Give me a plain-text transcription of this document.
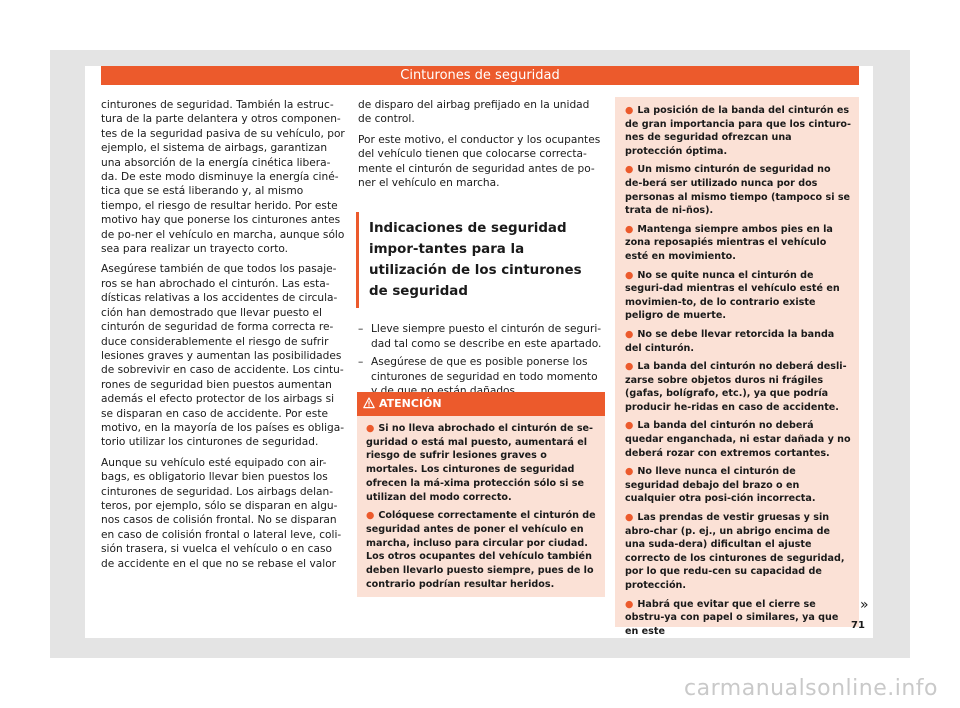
Cinturones de seguridad

cinturones de seguridad. También la estruc-tura de la parte delantera y otros componen-tes de la seguridad pasiva de su vehículo, por ejemplo, el sistema de airbags, garantizan una absorción de la energía cinética libera-da. De este modo disminuye la energía ciné-tica que se está liberando y, al mismo tiempo, el riesgo de resultar herido. Por este motivo hay que ponerse los cinturones antes de po-ner el vehículo en marcha, aunque sólo sea para realizar un trayecto corto.

Asegúrese también de que todos los pasaje-ros se han abrochado el cinturón. Las esta-dísticas relativas a los accidentes de circula-ción han demostrado que llevar puesto el cinturón de seguridad de forma correcta re-duce considerablemente el riesgo de sufrir lesiones graves y aumentan las posibilidades de sobrevivir en caso de accidente. Los cintu-rones de seguridad bien puestos aumentan además el efecto protector de los airbags si se disparan en caso de accidente. Por este motivo, en la mayoría de los países es obliga-torio utilizar los cinturones de seguridad.

Aunque su vehículo esté equipado con air-bags, es obligatorio llevar bien puestos los cinturones de seguridad. Los airbags delan-teros, por ejemplo, sólo se disparan en algu-nos casos de colisión frontal. No se disparan en caso de colisión frontal o lateral leve, coli-sión trasera, si vuelca el vehículo o en caso de accidente en el que no se rebase el valor

de disparo del airbag prefijado en la unidad de control.

Por este motivo, el conductor y los ocupantes del vehículo tienen que colocarse correcta-mente el cinturón de seguridad antes de po-ner el vehículo en marcha.

Indicaciones de seguridad impor-tantes para la utilización de los cinturones de seguridad
– Lleve siempre puesto el cinturón de seguri-dad tal como se describe en este apartado.
– Asegúrese de que es posible ponerse los cinturones de seguridad en todo momento
ATENCIÓN

● Si no lleva abrochado el cinturón de se-guridad o está mal puesto, aumentará el riesgo de sufrir lesiones graves o mortales. Los cinturones de seguridad ofrecen la má-xima protección sólo si se utilizan del modo correcto.

● Colóquese correctamente el cinturón de seguridad antes de poner el vehículo en marcha, incluso para circular por ciudad. Los otros ocupantes del vehículo también deben llevarlo puesto siempre, pues de lo contrario podrían resultar heridos.

● La posición de la banda del cinturón es de gran importancia para que los cinturo-nes de seguridad ofrezcan una protección óptima.

● Un mismo cinturón de seguridad no de-berá ser utilizado nunca por dos personas al mismo tiempo (tampoco si se trata de ni-ños).

● Mantenga siempre ambos pies en la zona reposapiés mientras el vehículo esté en movimiento.

● No se quite nunca el cinturón de seguri-dad mientras el vehículo esté en movimien-to, de lo contrario existe peligro de muerte.

● No se debe llevar retorcida la banda del cinturón.

● La banda del cinturón no deberá desli-zarse sobre objetos duros ni frágiles (gafas, bolígrafo, etc.), ya que podría producir he-ridas en caso de accidente.

● La banda del cinturón no deberá quedar enganchada, ni estar dañada y no deberá rozar con extremos cortantes.

● No lleve nunca el cinturón de seguridad debajo del brazo o en cualquier otra posi-ción incorrecta.

● Las prendas de vestir gruesas y sin abro-char (p. ej., un abrigo encima de una suda-dera) dificultan el ajuste correcto de los cinturones de seguridad, por lo que redu-cen su capacidad de protección.

● Habrá que evitar que el cierre se obstru-ya con papel o similares, ya que en este

»
71
carmanualsonline.info
